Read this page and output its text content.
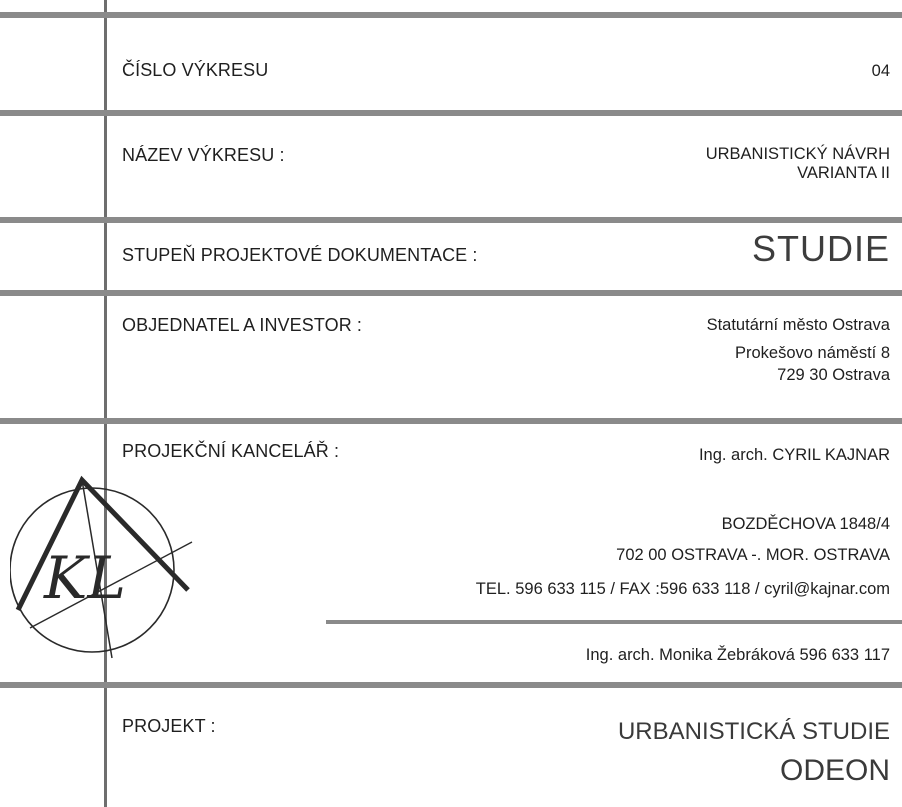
ČÍSLO VÝKRESU	04
NÁZEV VÝKRESU :	URBANISTICKÝ NÁVRH
VARIANTA II
STUPEŇ PROJEKTOVÉ DOKUMENTACE :	STUDIE
OBJEDNATEL A INVESTOR :	Statutární město Ostrava
Prokešovo náměstí 8
729 30 Ostrava
PROJEKČNÍ KANCELÁŘ :	Ing. arch. CYRIL KAJNAR
BOZDĚCHOVA 1848/4
702 00 OSTRAVA -. MOR. OSTRAVA
TEL. 596 633 115 / FAX :596 633 118 / cyril@kajnar.com
Ing. arch. Monika Žebráková 596 633 117
KL
PROJEKT :	URBANISTICKÁ STUDIE
ODEON
